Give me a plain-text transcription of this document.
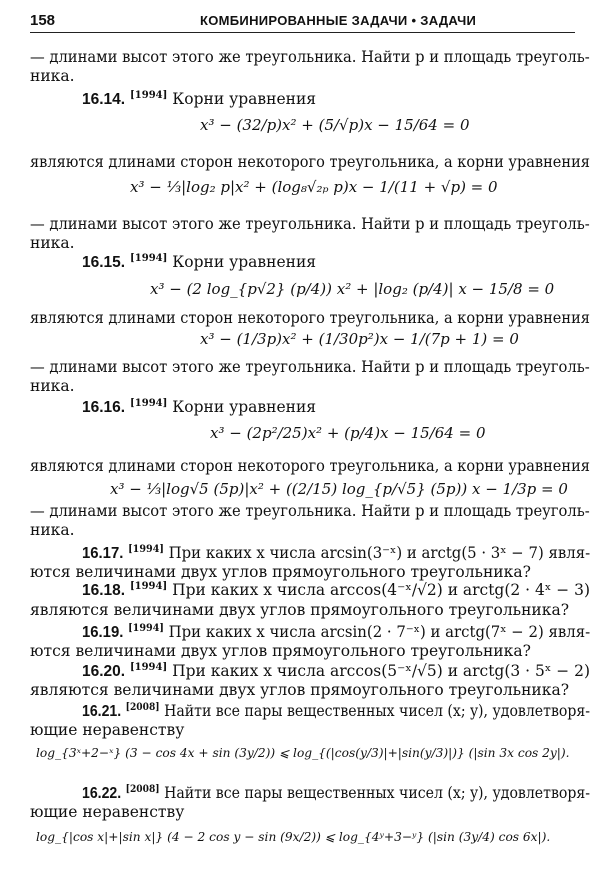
158	КОМБИНИРОВАННЫЕ ЗАДАЧИ • ЗАДАЧИ
— длинами высот этого же треугольника. Найти p и площадь треуголь-
ника.
16.14. [1994] Корни уравнения
x³ − (32/p)x² + (5/√p)x − 15/64 = 0
являются длинами сторон некоторого треугольника, а корни уравнения
x³ − ⅓|log₂ p|x² + (log₈√₂ₚ p)x − 1/(11 + √p) = 0
— длинами высот этого же треугольника. Найти p и площадь треуголь-
ника.
16.15. [1994] Корни уравнения
x³ − (2 log_{p√2} (p/4)) x² + |log₂ (p/4)| x − 15/8 = 0
являются длинами сторон некоторого треугольника, а корни уравнения
x³ − (1/3p)x² + (1/30p²)x − 1/(7p + 1) = 0
— длинами высот этого же треугольника. Найти p и площадь треуголь-
ника.
16.16. [1994] Корни уравнения
x³ − (2p²/25)x² + (p/4)x − 15/64 = 0
являются длинами сторон некоторого треугольника, а корни уравнения
x³ − ⅓|log√5 (5p)|x² + ((2/15) log_{p/√5} (5p)) x − 1/3p = 0
— длинами высот этого же треугольника. Найти p и площадь треуголь-
ника.
16.17. [1994] При каких x числа arcsin(3⁻ˣ) и arctg(5 · 3ˣ − 7) явля-
ются величинами двух углов прямоугольного треугольника?
16.18. [1994] При каких x числа arccos(4⁻ˣ/√2) и arctg(2 · 4ˣ − 3)
являются величинами двух углов прямоугольного треугольника?
16.19. [1994] При каких x числа arcsin(2 · 7⁻ˣ) и arctg(7ˣ − 2) явля-
ются величинами двух углов прямоугольного треугольника?
16.20. [1994] При каких x числа arccos(5⁻ˣ/√5) и arctg(3 · 5ˣ − 2)
являются величинами двух углов прямоугольного треугольника?
16.21. [2008] Найти все пары вещественных чисел (x; y), удовлетворя-
ющие неравенству
log_{3ˣ+2−ˣ} (3 − cos 4x + sin (3y/2)) ⩽ log_{(|cos(y/3)|+|sin(y/3)|)} (|sin 3x cos 2y|).
16.22. [2008] Найти все пары вещественных чисел (x; y), удовлетворя-
ющие неравенству
log_{|cos x|+|sin x|} (4 − 2 cos y − sin (9x/2)) ⩽ log_{4ʸ+3−ʸ} (|sin (3y/4) cos 6x|).
